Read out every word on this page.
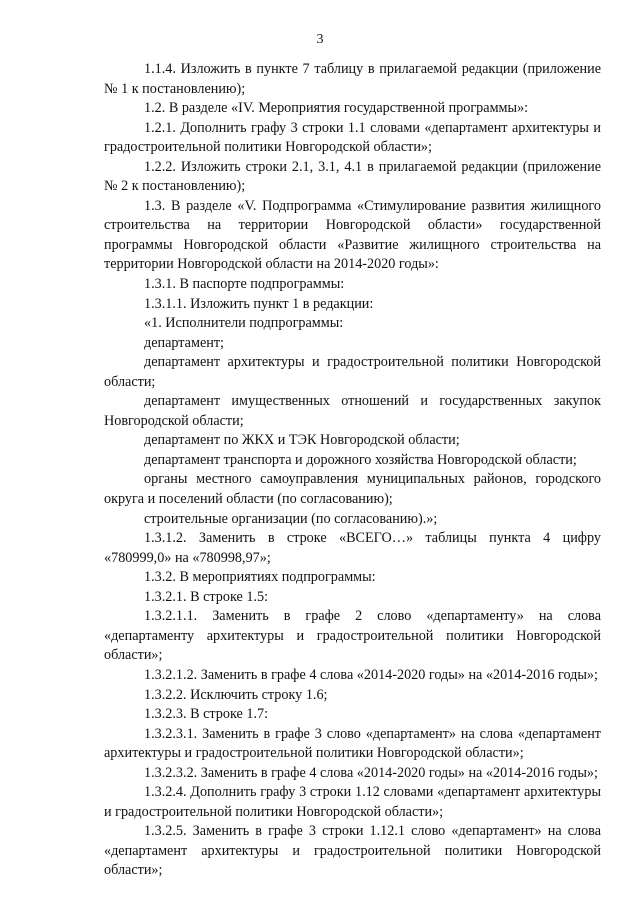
3

1.1.4. Изложить в пункте 7 таблицу в прилагаемой редакции (приложение № 1 к постановлению);

1.2. В разделе «IV. Мероприятия государственной программы»:

1.2.1. Дополнить графу 3 строки 1.1 словами «департамент архитектуры и градостроительной политики Новгородской области»;

1.2.2. Изложить строки 2.1, 3.1, 4.1 в прилагаемой редакции (приложение № 2 к постановлению);

1.3. В разделе «V. Подпрограмма «Стимулирование развития жилищного строительства на территории Новгородской области» государственной программы Новгородской области «Развитие жилищного строительства на территории Новгородской области на 2014-2020 годы»:

1.3.1. В паспорте подпрограммы:

1.3.1.1. Изложить пункт 1 в редакции:

«1. Исполнители подпрограммы:

департамент;

департамент архитектуры и градостроительной политики Новгородской области;

департамент имущественных отношений и государственных закупок Новгородской области;

департамент по ЖКХ и ТЭК Новгородской области;

департамент транспорта и дорожного хозяйства Новгородской области;

органы местного самоуправления муниципальных районов, городского округа и поселений области (по согласованию);

строительные организации (по согласованию).»;

1.3.1.2. Заменить в строке «ВСЕГО…» таблицы пункта 4 цифру «780999,0» на «780998,97»;

1.3.2. В мероприятиях подпрограммы:

1.3.2.1. В строке 1.5:

1.3.2.1.1. Заменить в графе 2 слово «департаменту» на слова «департаменту архитектуры и градостроительной политики Новгородской области»;

1.3.2.1.2. Заменить в графе 4 слова «2014-2020 годы» на «2014-2016 годы»;

1.3.2.2. Исключить строку 1.6;

1.3.2.3. В строке 1.7:

1.3.2.3.1. Заменить в графе 3 слово «департамент» на слова «департамент архитектуры и градостроительной политики Новгородской области»;

1.3.2.3.2. Заменить в графе 4 слова «2014-2020 годы» на «2014-2016 годы»;

1.3.2.4. Дополнить графу 3 строки 1.12 словами «департамент архитектуры и градостроительной политики Новгородской области»;

1.3.2.5. Заменить в графе 3 строки 1.12.1 слово «департамент» на слова «департамент архитектуры и градостроительной политики Новгородской области»;
